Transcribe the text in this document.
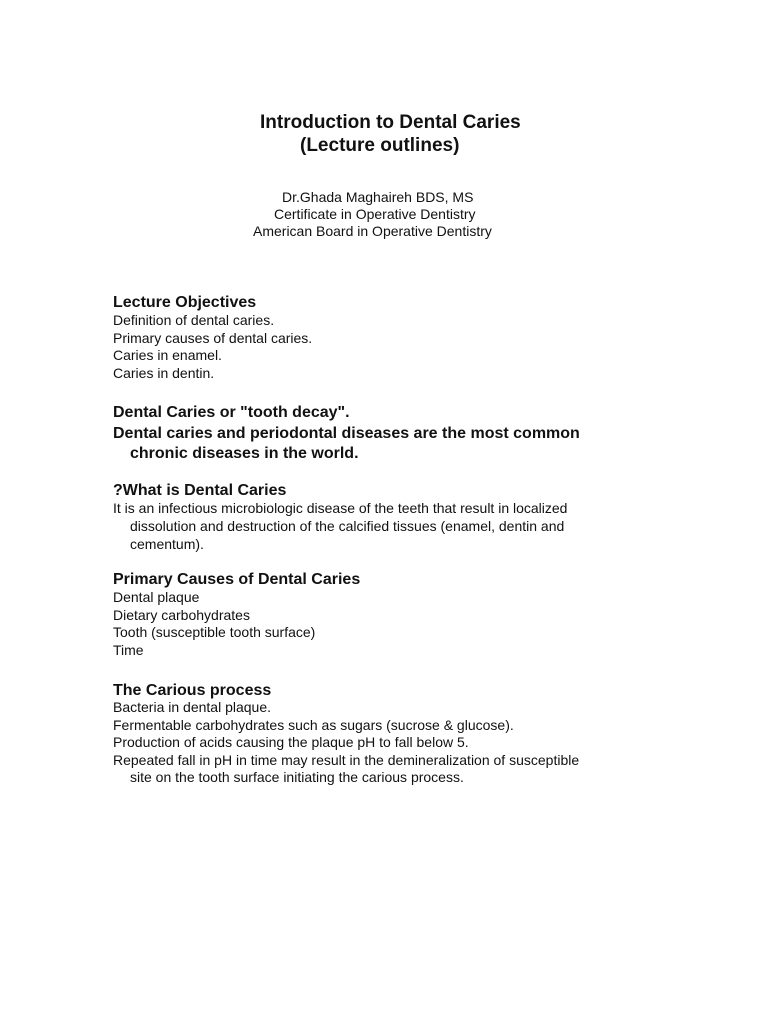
Introduction to Dental Caries
(Lecture outlines)
Dr.Ghada Maghaireh BDS, MS
Certificate in Operative Dentistry
American Board in Operative Dentistry
Lecture Objectives
Definition of dental caries.
Primary causes of dental caries.
Caries in enamel.
Caries in dentin.
Dental Caries or "tooth decay".
Dental caries and periodontal diseases are the most common
chronic diseases in the world.
?What is Dental Caries
It is an infectious microbiologic disease of the teeth that result in localized
dissolution and destruction of the calcified tissues (enamel, dentin and
cementum).
Primary Causes of Dental Caries
Dental plaque
Dietary carbohydrates
Tooth (susceptible tooth surface)
Time
The Carious process
Bacteria in dental plaque.
Fermentable carbohydrates such as sugars (sucrose & glucose).
Production of acids causing the plaque pH to fall below 5.
Repeated fall in pH in time may result in the demineralization of susceptible
site on the tooth surface initiating the carious process.
